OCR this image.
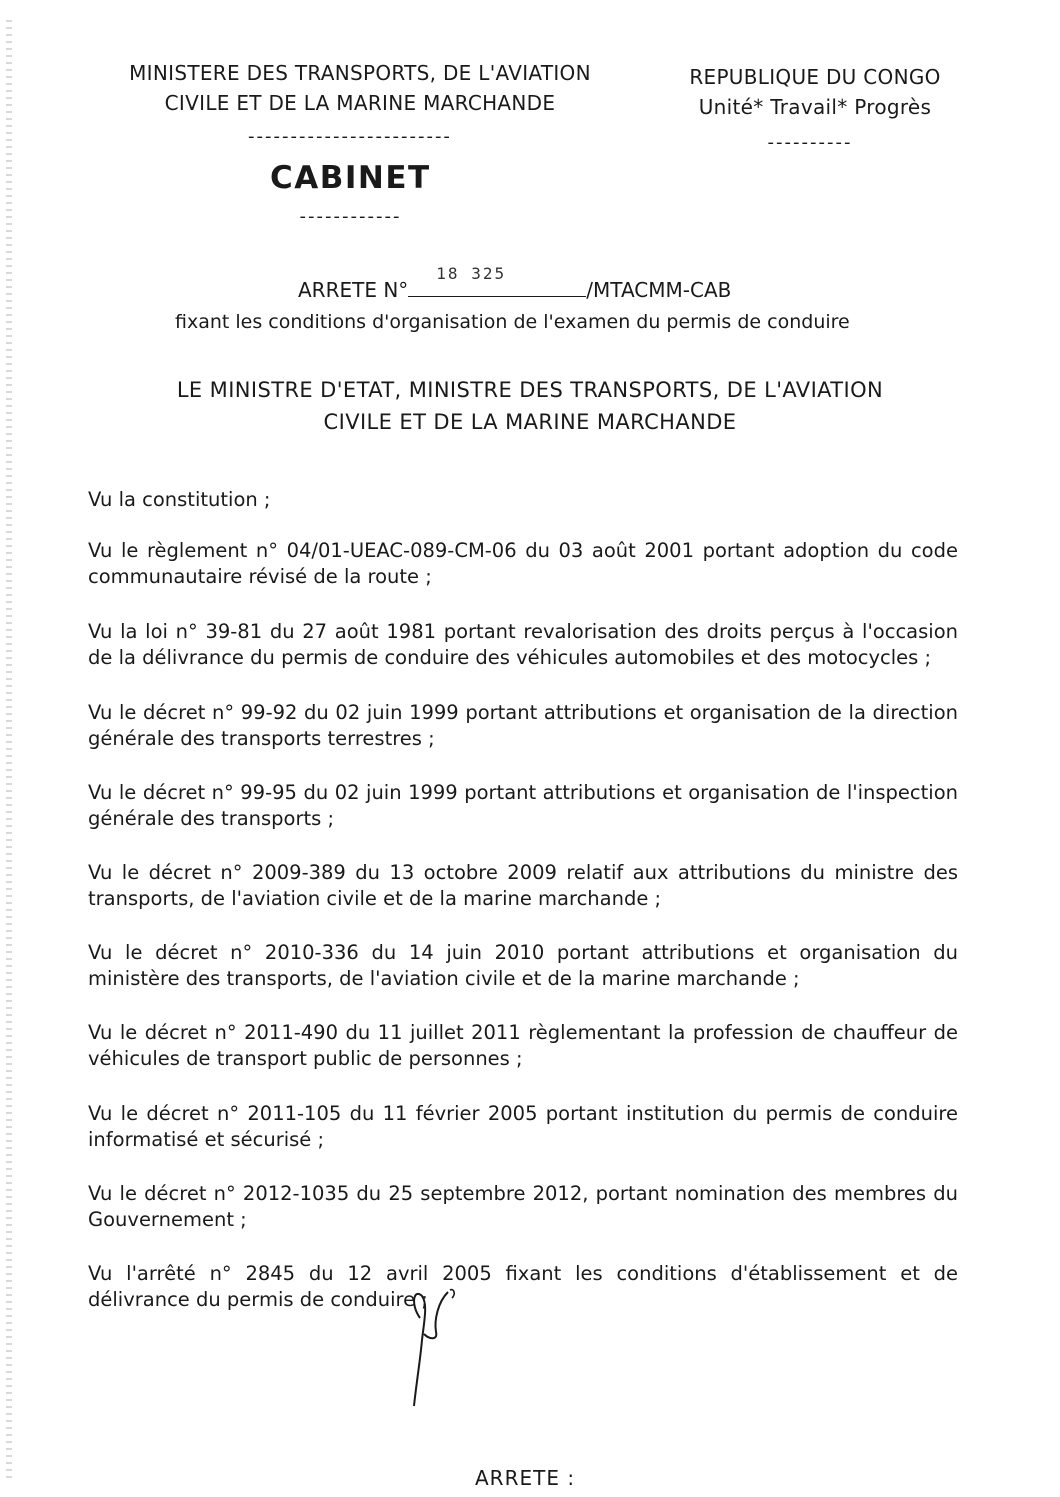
MINISTERE DES TRANSPORTS, DE L'AVIATION
CIVILE ET DE LA MARINE MARCHANDE
------------------------
REPUBLIQUE DU CONGO
Unité* Travail* Progrès
----------
CABINET
------------
ARRETE N°
18 325
/MTACMM-CAB
fixant les conditions d'organisation de l'examen du permis de conduire
LE MINISTRE D'ETAT, MINISTRE DES TRANSPORTS, DE L'AVIATION
CIVILE ET DE LA MARINE MARCHANDE
Vu la constitution ;
Vu le règlement n° 04/01-UEAC-089-CM-06 du 03 août 2001 portant adoption du code communautaire révisé de la route ;
Vu la loi n° 39-81 du 27 août 1981 portant revalorisation des droits perçus à l'occasion de la délivrance du permis de conduire des véhicules automobiles et des motocycles ;
Vu le décret n° 99-92 du 02 juin 1999 portant attributions et organisation de la direction générale des transports terrestres ;
Vu le décret n° 99-95 du 02 juin 1999 portant attributions et organisation de l'inspection générale des transports ;
Vu le décret n° 2009-389 du 13 octobre 2009 relatif aux attributions du ministre des transports, de l'aviation civile et de la marine marchande ;
Vu le décret n° 2010-336 du 14 juin 2010 portant attributions et organisation du ministère des transports, de l'aviation civile et de la marine marchande ;
Vu le décret n° 2011-490 du 11 juillet 2011 règlementant la profession de chauffeur de véhicules de transport public de personnes ;
Vu le décret n° 2011-105 du 11 février 2005 portant institution du permis de conduire informatisé et sécurisé ;
Vu le décret n° 2012-1035 du 25 septembre 2012, portant nomination des membres du Gouvernement ;
Vu l'arrêté n° 2845 du 12 avril 2005 fixant les conditions d'établissement et de délivrance du permis de conduire ;
ARRETE :
